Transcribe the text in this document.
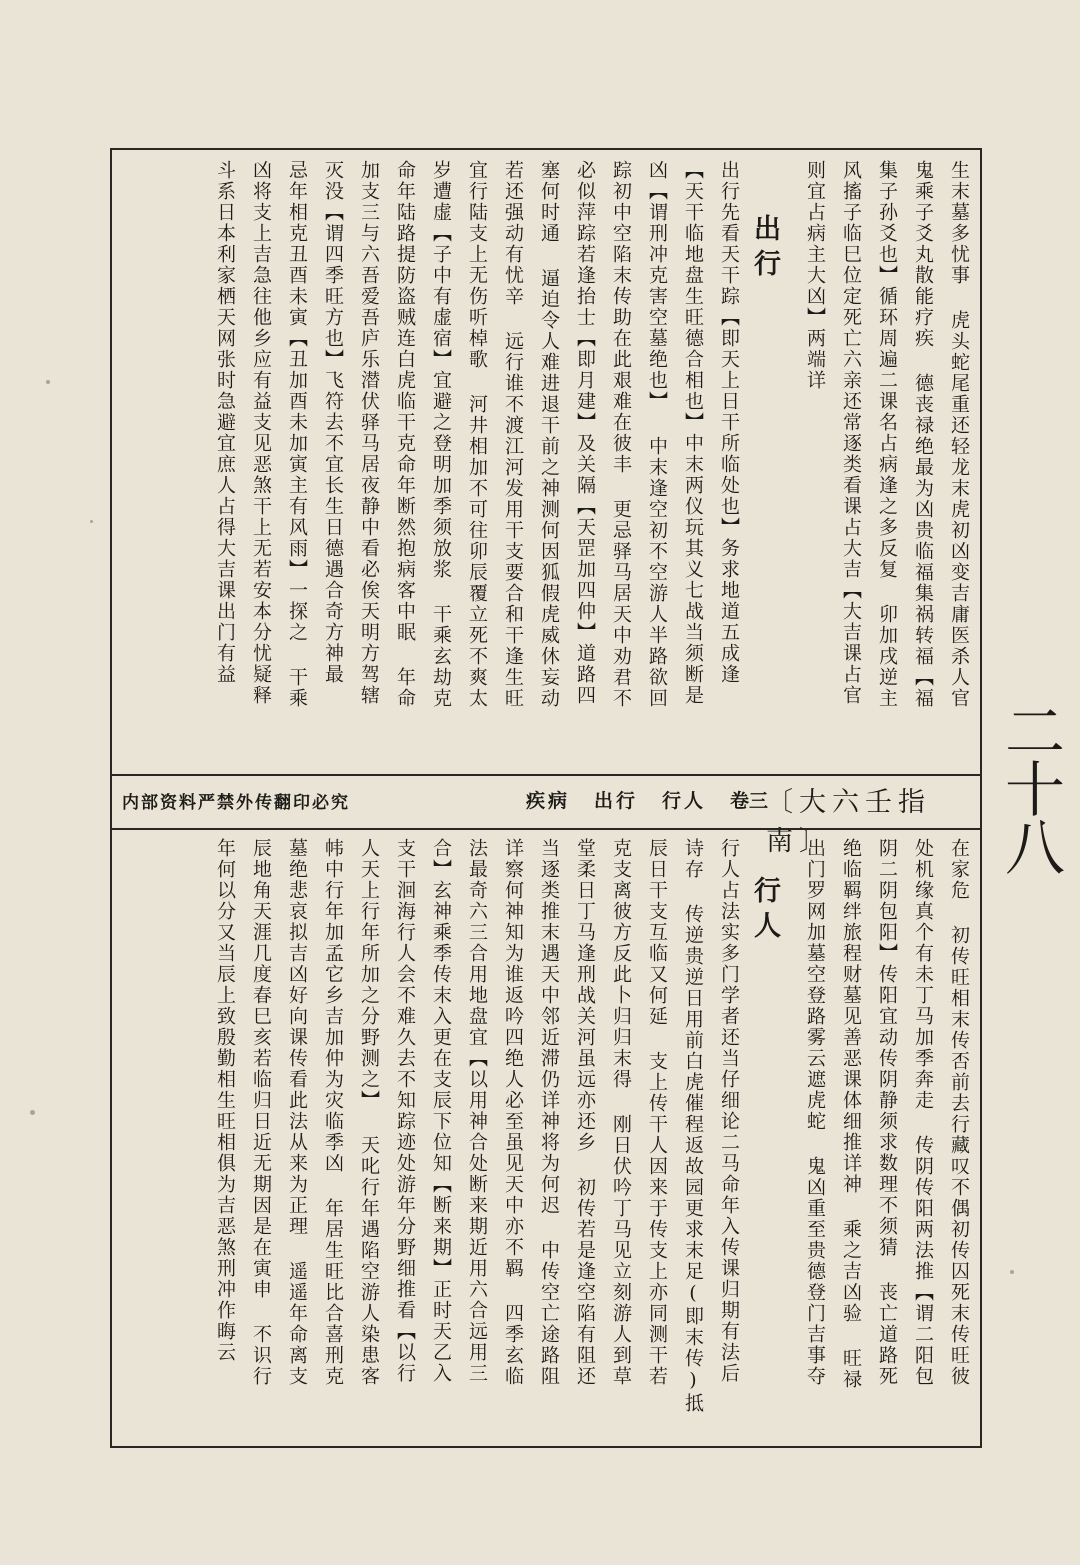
二十八
生末墓多忧事 虎头蛇尾重还轻龙末虎初凶变吉庸医杀人官
鬼乘子爻丸散能疗疾 德丧禄绝最为凶贵临福集祸转福【福
集子孙爻也】循环周遍二课名占病逢之多反复 卯加戌逆主
风搐子临巳位定死亡六亲还常逐类看课占大吉【大吉课占官
则宜占病主大凶】两端详
出行
出行先看天干踪【即天上日干所临处也】务求地道五成逢
【天干临地盘生旺德合相也】中末两仪玩其义七战当须断是
凶【谓刑冲克害空墓绝也】 中末逢空初不空游人半路欲回
踪初中空陷末传助在此艰难在彼丰 更忌驿马居天中劝君不
必似萍踪若逢抬士【即月建】及关隔【天罡加四仲】道路四
塞何时通 逼迫令人难进退干前之神测何因狐假虎威休妄动
若还强动有忧辛 远行谁不渡江河发用干支要合和干逢生旺
宜行陆支上无伤听棹歌 河井相加不可往卯辰覆立死不爽太
岁遭虚【子中有虚宿】宜避之登明加季须放浆 干乘玄劫克
命年陆路提防盗贼连白虎临干克命年断然抱病客中眠 年命
加支三与六吾爱吾庐乐潜伏驿马居夜静中看必俟天明方驾辖
灭没【谓四季旺方也】飞符去不宜长生日德遇合奇方神最
忌年相克丑酉未寅【丑加酉未加寅主有风雨】一探之 干乘
凶将支上吉急往他乡应有益支见恶煞干上无若安本分忧疑释
斗系日本利家栖天网张时急避宜庶人占得大吉课出门有益
内部资料严禁外传翻印必究	疾病 出行 行人 卷三
〔大六壬指南〕	在家危 初传旺相末传否前去行藏叹不偶初传囚死末传旺彼
处机缘真个有未丁马加季奔走 传阴传阳两法推【谓二阳包
阴二阴包阳】传阳宜动传阴静须求数理不须猜 丧亡道路死
绝临羁绊旅程财墓见善恶课体细推详神 乘之吉凶验 旺禄
出门罗网加墓空登路雾云遮虎蛇 鬼凶重至贵德登门吉事夺
行人
行人占法实多门学者还当仔细论二马命年入传课归期有法后
诗存 传逆贵逆日用前白虎催程返故园更求末足(即末传)抵
辰日干支互临又何延 支上传干人因来于传支上亦同测干若
克支离彼方反此卜归归末得 刚日伏吟丁马见立刻游人到草
堂柔日丁马逢刑战关河虽远亦还乡 初传若是逢空陷有阻还
当逐类推末遇天中邻近滞仍详神将为何迟 中传空亡途路阻
详察何神知为谁返吟四绝人必至虽见天中亦不羁 四季玄临
法最奇六三合用地盘宜【以用神合处断来期近用六合远用三
合】玄神乘季传末入更在支辰下位知【断来期】正时天乙入
支干洄海行人会不难久去不知踪迹处游年分野细推看【以行
人天上行年所加之分野测之】 天叱行年遇陷空游人染患客
帏中行年加孟它乡吉加仲为灾临季凶 年居生旺比合喜刑克
墓绝悲哀拟吉凶好向课传看此法从来为正理 遥遥年命离支
辰地角天涯几度春巳亥若临归日近无期因是在寅申 不识行
年何以分又当辰上致殷勤相生旺相俱为吉恶煞刑冲作晦云
